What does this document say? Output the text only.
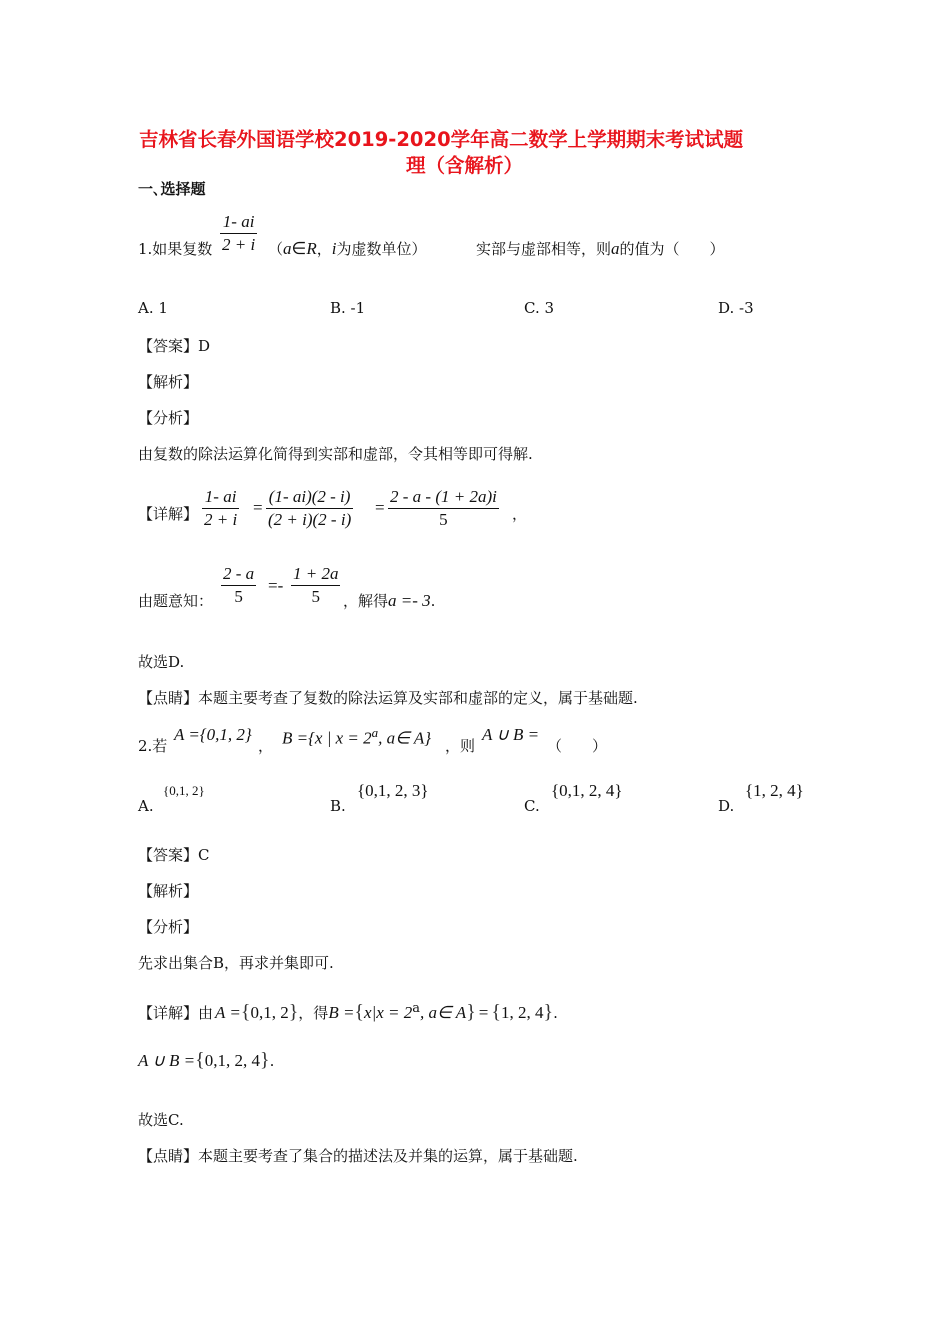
吉林省长春外国语学校2019-2020学年高二数学上学期期末考试试题
理（含解析）
一､选择题
1.如果复数 $\frac{1- ai}{2 + i}$ （a∈R，i为虚数单位）	实部与虚部相等，则a的值为（　　）
A. 1	B. -1	C. 3	D. -3
【答案】D
【解析】
【分析】
由复数的除法运算化简得到实部和虚部，令其相等即可得解.
【详解】 $\frac{1- ai}{2 + i} = \frac{(1- ai)(2 - i)}{(2 + i)(2 - i)} = \frac{2 - a - (1 + 2a)i}{5}$ ，
由题意知： $\frac{2 - a}{5} =- \frac{1 + 2a}{5}$ ，解得a =- 3.
故选D.
【点睛】本题主要考查了复数的除法运算及实部和虚部的定义，属于基础题.
2.若
A ={0,1, 2}
， B ={x | $x = 2^a$, a∈ A} ，则
A ∪ B =
（　　）
A.
{0,1, 2}
B.
{0,1, 2, 3}
C.
{0,1, 2, 4}
D.
{1, 2, 4}
【答案】C
【解析】
【分析】
先求出集合B，再求并集即可.
【详解】由 A ={0,1, 2}，得$B =\{x|x = 2^a$, a∈ A} = {1, 2, 4}.
A ∪ B ={0,1, 2, 4}.
故选C.
【点睛】本题主要考查了集合的描述法及并集的运算，属于基础题.
